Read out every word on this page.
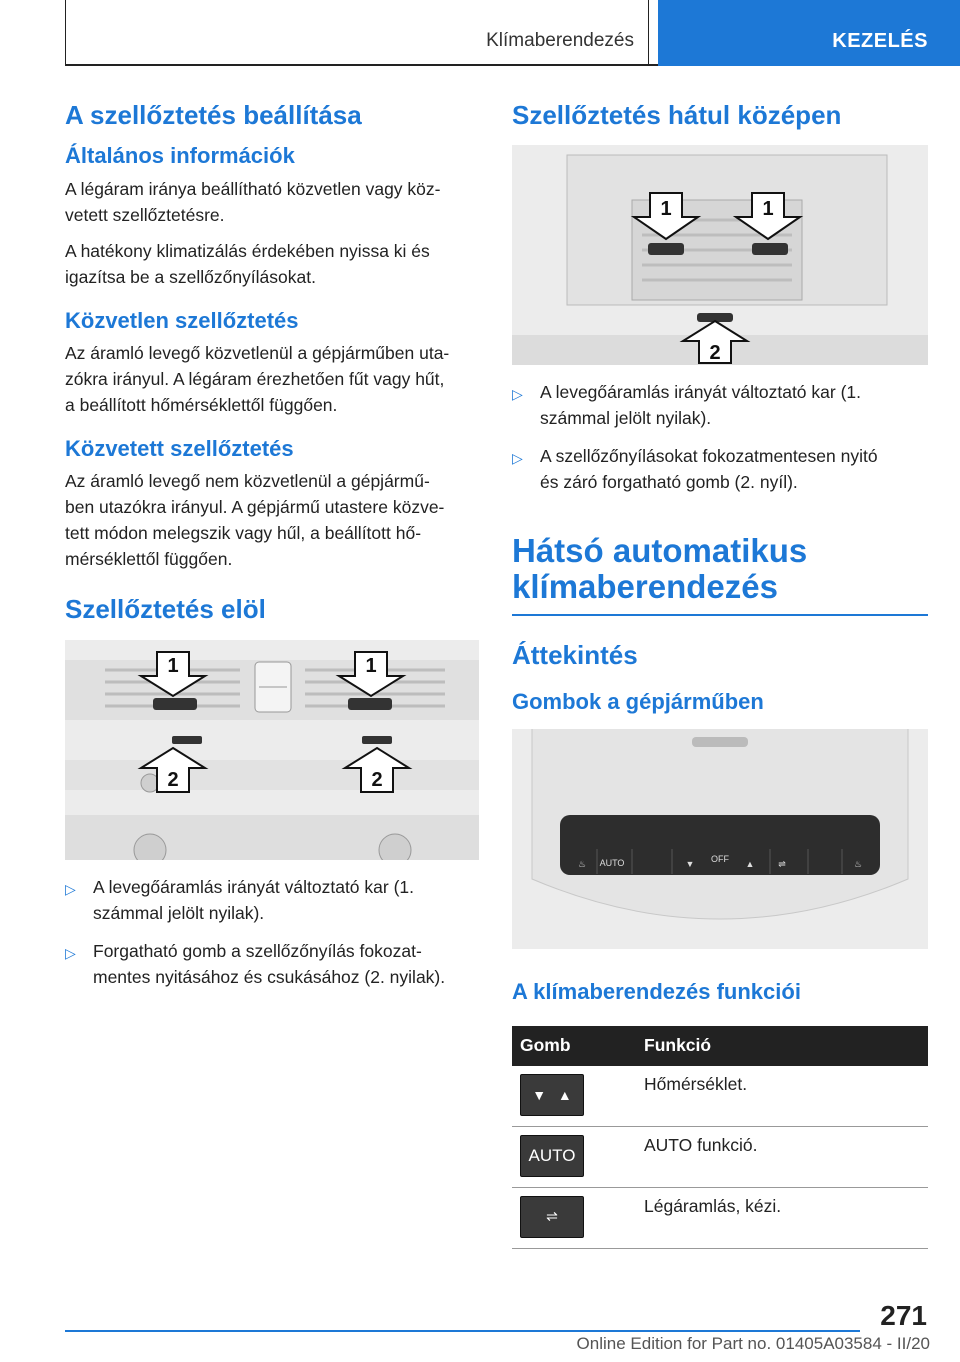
Klímaberendezés	KEZELÉS
A szellőztetés beállítása
Általános információk

A légáram iránya beállítható közvetlen vagy köz-
vetett szellőztetésre.

A hatékony klimatizálás érdekében nyissa ki és
igazítsa be a szellőzőnyílásokat.

Közvetlen szellőztetés

Az áramló levegő közvetlenül a gépjárműben uta-
zókra irányul. A légáram érezhetően fűt vagy hűt,
a beállított hőmérséklettől függően.

Közvetett szellőztetés

Az áramló levegő nem közvetlenül a gépjármű-
ben utazókra irányul. A gépjármű utastere közve-
tett módon melegszik vagy hűl, a beállított hő-
mérséklettől függően.

Szellőztetés elöl
1	1
2	2
▷ A levegőáramlás irányát változtató kar (1.
számmal jelölt nyilak).
▷ Forgatható gomb a szellőzőnyílás fokozat-
mentes nyitásához és csukásához (2. nyilak).
Szellőztetés hátul középen
1	1
2
▷ A levegőáramlás irányát változtató kar (1.
számmal jelölt nyilak).
▷ A szellőzőnyílásokat fokozatmentesen nyitó
és záró forgatható gomb (2. nyíl).
Hátsó automatikus
klímaberendezés
Áttekintés
Gombok a gépjárműben
AUTO	OFF
▼	▲
♨	♨
⇌
A klímaberendezés funkciói
Gomb	Funkció

▼   ▲	Hőmérséklet.

AUTO	AUTO funkció.

⇌	Légáramlás, kézi.
271
Online Edition for Part no. 01405A03584 - II/20
